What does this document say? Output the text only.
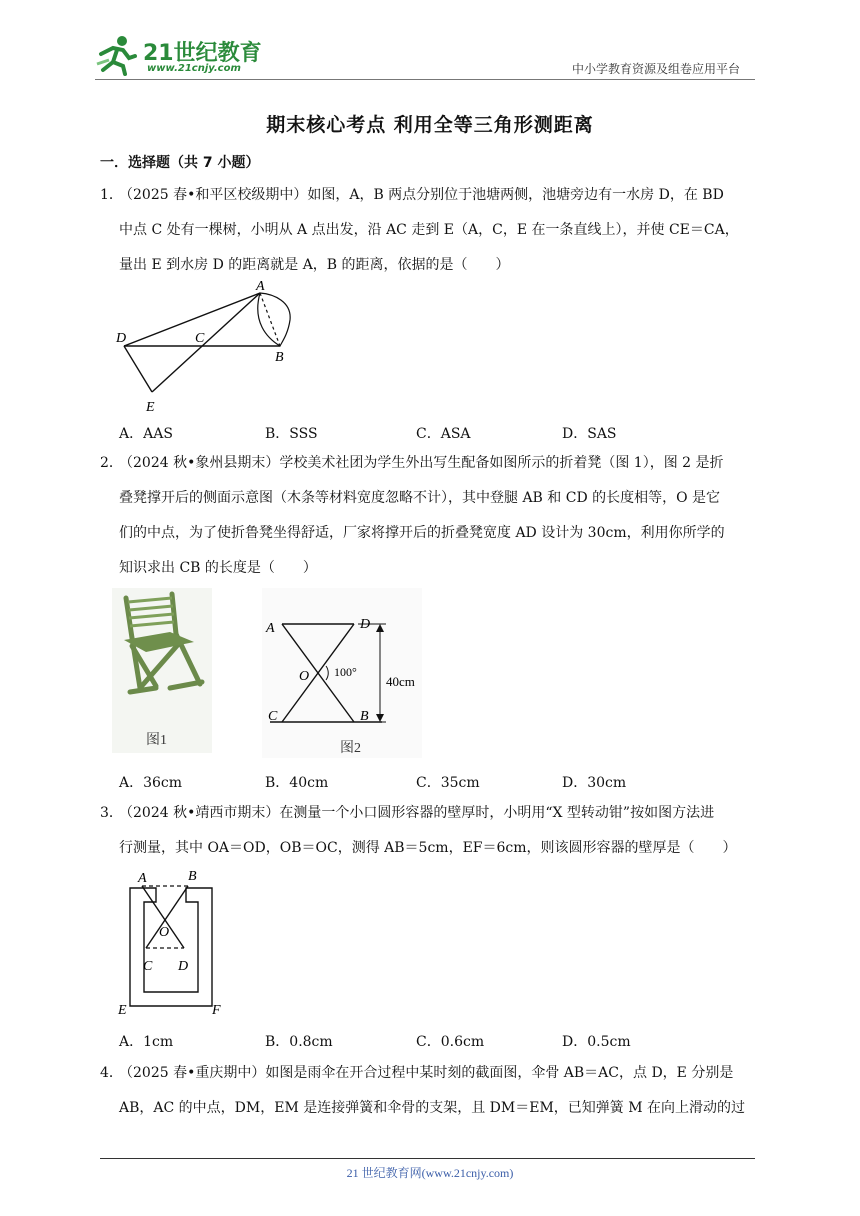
21世纪教育
www.21cnjy.com	中小学教育资源及组卷应用平台
期末核心考点 利用全等三角形测距离
一．选择题（共 7 小题）
1．
（2025 春•和平区校级期中）如图，A，B 两点分别位于池塘两侧，池塘旁边有一水房 D，在 BD
中点 C 处有一棵树，小明从 A 点出发，沿 AC 走到 E（A，C，E 在一条直线上），并使 CE＝CA，
量出 E 到水房 D 的距离就是 A，B 的距离，依据的是（　　）
A
B
C
D
E
A．AAS	B．SSS	C．ASA	D．SAS
2．
（2024 秋•象州县期末）学校美术社团为学生外出写生配备如图所示的折着凳（图 1），图 2 是折
叠凳撑开后的侧面示意图（木条等材料宽度忽略不计），其中登腿 AB 和 CD 的长度相等，O 是它
们的中点，为了使折鲁凳坐得舒适，厂家将撑开后的折叠凳宽度 AD 设计为 30cm，利用你所学的
知识求出 CB 的长度是（　　）
图1
A	D
O 100°
40cm
C	B
图2
A．36cm	B．40cm	C．35cm	D．30cm
3．
（2024 秋•靖西市期末）在测量一个小口圆形容器的壁厚时，小明用“X 型转动钳”按如图方法进
行测量，其中 OA＝OD，OB＝OC，测得 AB＝5cm，EF＝6cm，则该圆形容器的壁厚是（　　）
A	B
O
C D
E	F
A．1cm	B．0.8cm	C．0.6cm	D．0.5cm
4．
（2025 春•重庆期中）如图是雨伞在开合过程中某时刻的截面图，伞骨 AB＝AC，点 D，E 分别是
AB，AC 的中点，DM，EM 是连接弹簧和伞骨的支架，且 DM＝EM，已知弹簧 M 在向上滑动的过
21 世纪教育网(www.21cnjy.com)
